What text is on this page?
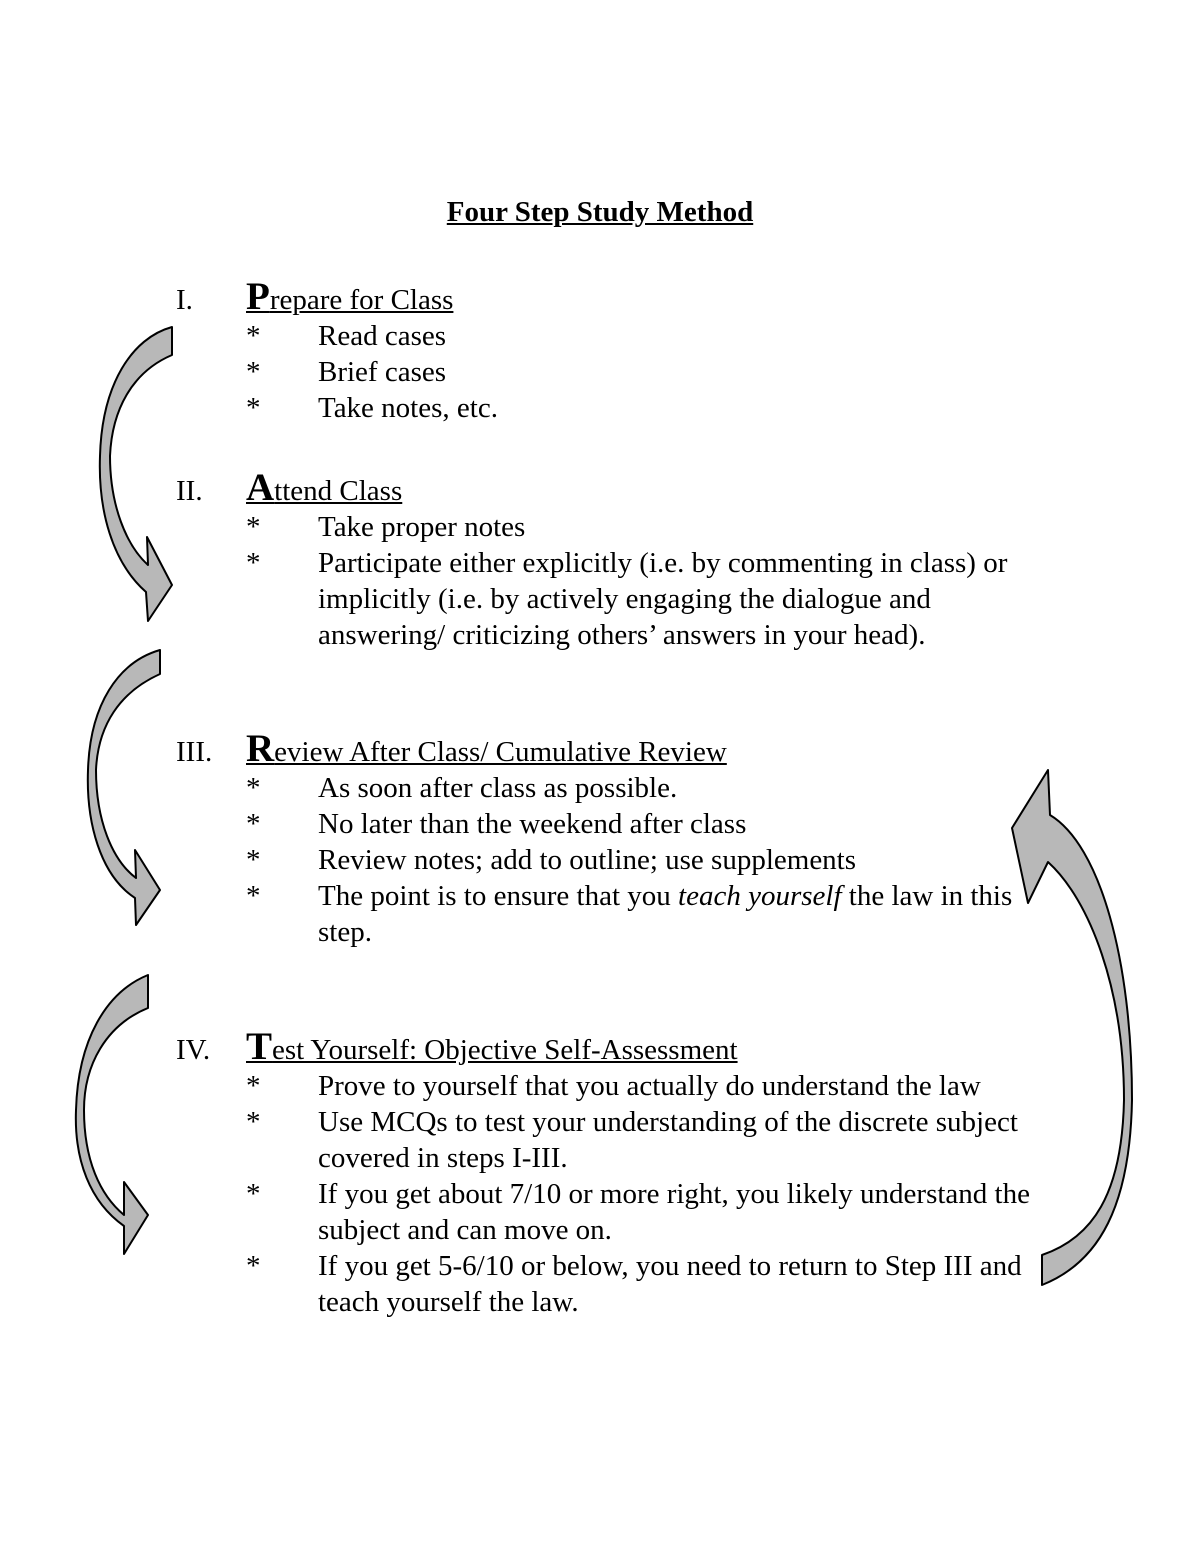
Four Step Study Method
I. Prepare for Class
*	Read cases
*	Brief cases
*	Take notes, etc.
II. Attend Class
*	Take proper notes
*	Participate either explicitly (i.e. by commenting in class) or implicitly (i.e. by actively engaging the dialogue and answering/ criticizing others’ answers in your head).
III. Review After Class/ Cumulative Review
*	As soon after class as possible.
*	No later than the weekend after class
*	Review notes; add to outline; use supplements
*	The point is to ensure that you teach yourself the law in this step.
IV. Test Yourself: Objective Self-Assessment
*	Prove to yourself that you actually do understand the law
*	Use MCQs to test your understanding of the discrete subject covered in steps I-III.
*	If you get about 7/10 or more right, you likely understand the subject and can move on.
*	If you get 5-6/10 or below, you need to return to Step III and teach yourself the law.
